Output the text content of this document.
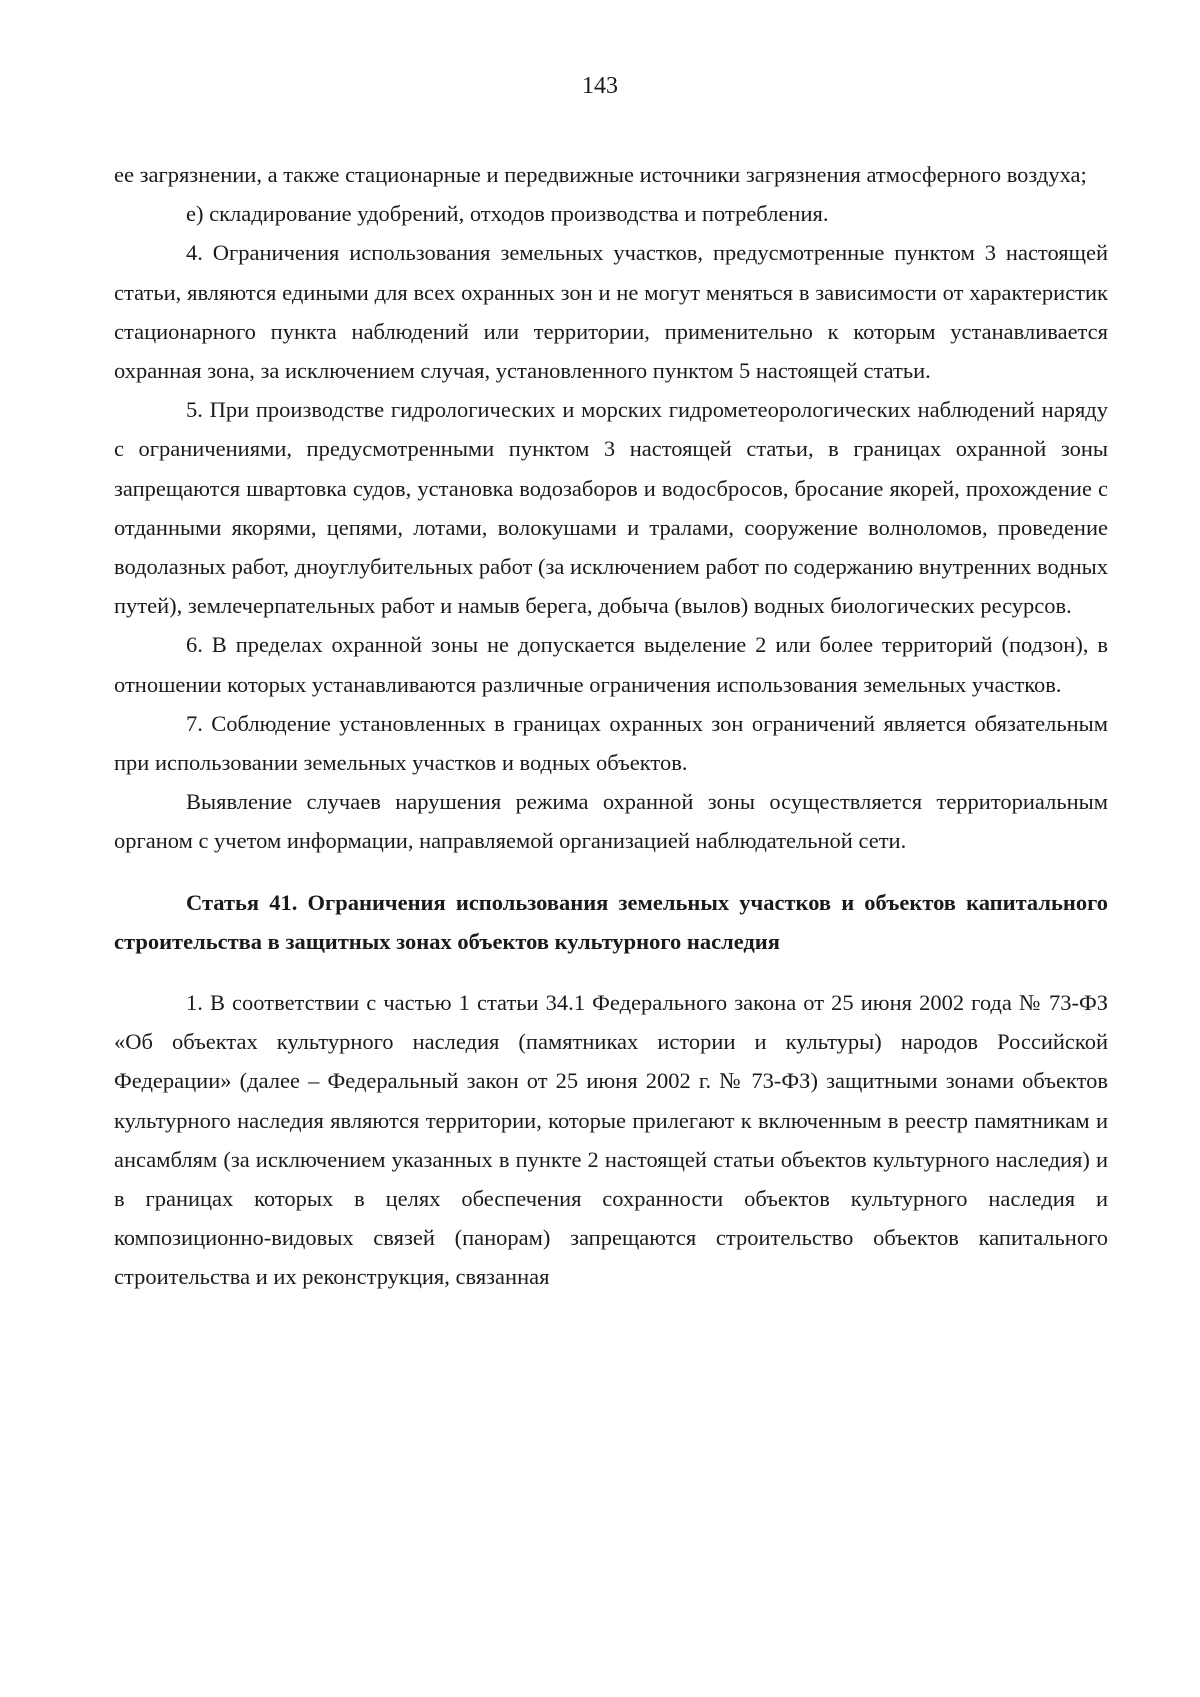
143

ее загрязнении, а также стационарные и передвижные источники загрязнения атмосферного воздуха;

е) складирование удобрений, отходов производства и потребления.

4. Ограничения использования земельных участков, предусмотренные пунктом 3 настоящей статьи, являются едиными для всех охранных зон и не могут меняться в зависимости от характеристик стационарного пункта наблюдений или территории, применительно к которым устанавливается охранная зона, за исключением случая, установленного пунктом 5 настоящей статьи.

5. При производстве гидрологических и морских гидрометеорологических наблюдений наряду с ограничениями, предусмотренными пунктом 3 настоящей статьи, в границах охранной зоны запрещаются швартовка судов, установка водозаборов и водосбросов, бросание якорей, прохождение с отданными якорями, цепями, лотами, волокушами и тралами, сооружение волноломов, проведение водолазных работ, дноуглубительных работ (за исключением работ по содержанию внутренних водных путей), землечерпательных работ и намыв берега, добыча (вылов) водных биологических ресурсов.

6. В пределах охранной зоны не допускается выделение 2 или более территорий (подзон), в отношении которых устанавливаются различные ограничения использования земельных участков.

7. Соблюдение установленных в границах охранных зон ограничений является обязательным при использовании земельных участков и водных объектов.

Выявление случаев нарушения режима охранной зоны осуществляется территориальным органом с учетом информации, направляемой организацией наблюдательной сети.

Статья 41. Ограничения использования земельных участков и объектов капитального строительства в защитных зонах объектов культурного наследия

1. В соответствии с частью 1 статьи 34.1 Федерального закона от 25 июня 2002 года № 73-ФЗ «Об объектах культурного наследия (памятниках истории и культуры) народов Российской Федерации» (далее – Федеральный закон от 25 июня 2002 г. № 73-ФЗ) защитными зонами объектов культурного наследия являются территории, которые прилегают к включенным в реестр памятникам и ансамблям (за исключением указанных в пункте 2 настоящей статьи объектов культурного наследия) и в границах которых в целях обеспечения сохранности объектов культурного наследия и композиционно-видовых связей (панорам) запрещаются строительство объектов капитального строительства и их реконструкция, связанная
